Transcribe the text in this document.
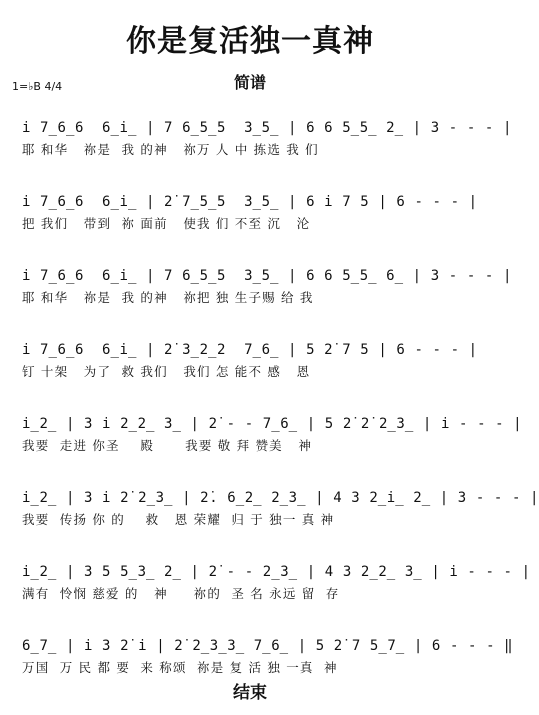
你是复活独一真神
1=♭B 4/4	简谱
i 7̲6̲6  6̲i̲ | 7 6̲5̲5  3̲5̲ | 6 6 5̲5̲ 2̲ | 3 - - - |
耶 和华   祢是  我 的神   祢万 人 中 拣选 我 们
i 7̲6̲6  6̲i̲ | 2̇ 7̲5̲5  3̲5̲ | 6 i 7 5 | 6 - - - |
把 我们   带到  祢 面前   使我 们 不至 沉   沦
i 7̲6̲6  6̲i̲ | 7 6̲5̲5  3̲5̲ | 6 6 5̲5̲ 6̲ | 3 - - - |
耶 和华   祢是  我 的神   祢把 独 生子赐 给 我
i 7̲6̲6  6̲i̲ | 2̇ 3̲2̲2  7̲6̲ | 5 2̇ 7 5 | 6 - - - |
钉 十架   为了  救 我们   我们 怎 能不 感   恩
i̲2̲ | 3 i 2̲2̲ 3̲ | 2̇ - - 7̲6̲ | 5 2̇ 2̇ 2̲3̲ | i - - - |
我要  走进 你圣    殿      我要 敬 拜 赞美   神
i̲2̲ | 3 i 2̇ 2̲3̲ | 2̇. 6̲2̲ 2̲3̲ | 4 3 2̲i̲ 2̲ | 3 - - - |
我要  传扬 你 的    救   恩 荣耀  归 于 独一 真 神
i̲2̲ | 3 5 5̲3̲ 2̲ | 2̇ - - 2̲3̲ | 4 3 2̲2̲ 3̲ | i - - - |
满有  怜悯 慈爱 的   神     祢的  圣 名 永远 留  存
6̲7̲ | i 3 2̇ i | 2̇ 2̲3̲3̲ 7̲6̲ | 5 2̇ 7 5̲7̲ | 6 - - - ‖
万国  万 民 都 要  来 称颂  祢是 复 活 独 一真  神
结束
